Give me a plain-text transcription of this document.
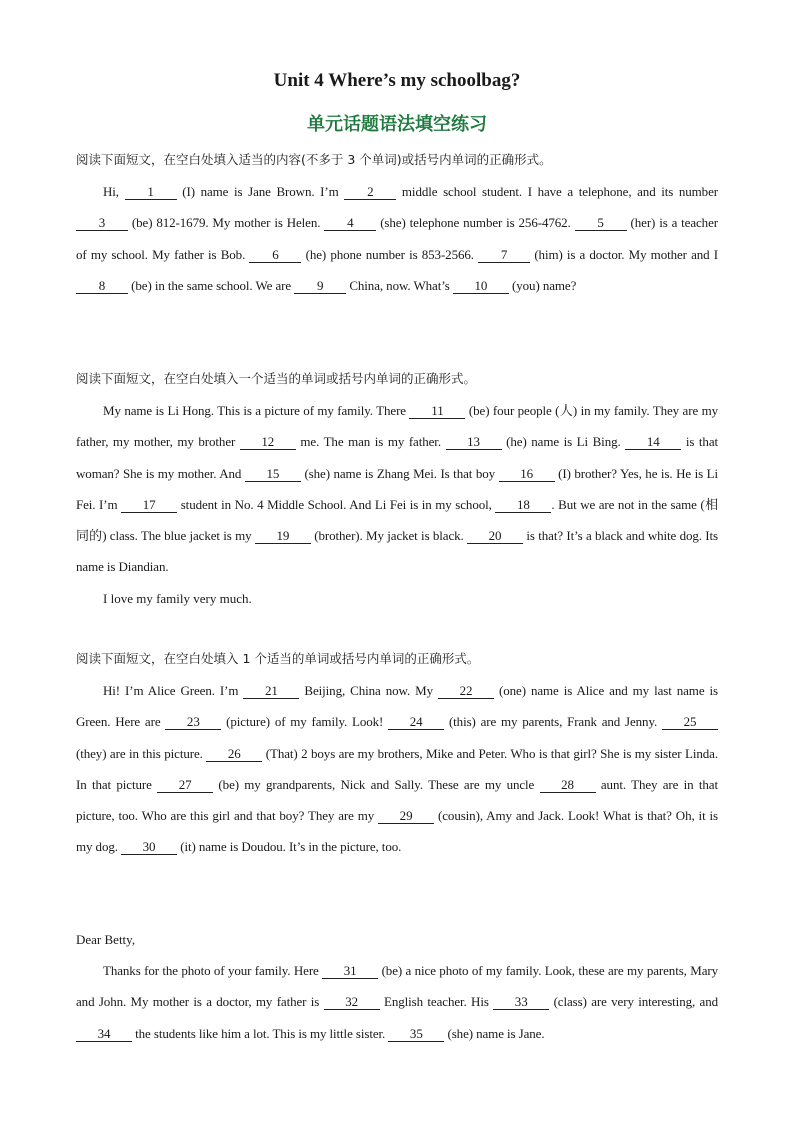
Unit 4 Where’s my schoolbag?
单元话题语法填空练习
阅读下面短文，在空白处填入适当的内容(不多于 3 个单词)或括号内单词的正确形式。
Hi, 1 (I) name is Jane Brown. I’m 2 middle school student. I have a telephone, and its number 3 (be) 812-1679. My mother is Helen. 4 (she) telephone number is 256-4762. 5 (her) is a teacher of my school. My father is Bob. 6 (he) phone number is 853-2566. 7 (him) is a doctor. My mother and I 8 (be) in the same school. We are 9 China, now. What’s 10 (you) name?
阅读下面短文，在空白处填入一个适当的单词或括号内单词的正确形式。
My name is Li Hong. This is a picture of my family. There 11 (be) four people (人) in my family. They are my father, my mother, my brother 12 me. The man is my father. 13 (he) name is Li Bing. 14 is that woman? She is my mother. And 15 (she) name is Zhang Mei. Is that boy 16 (I) brother? Yes, he is. He is Li Fei. I’m 17 student in No. 4 Middle School. And Li Fei is in my school, 18 . But we are not in the same (相同的) class. The blue jacket is my 19 (brother). My jacket is black. 20 is that? It’s a black and white dog. Its name is Diandian.
I love my family very much.
阅读下面短文，在空白处填入 1 个适当的单词或括号内单词的正确形式。
Hi! I’m Alice Green. I’m 21 Beijing, China now. My 22 (one) name is Alice and my last name is Green. Here are 23 (picture) of my family. Look! 24 (this) are my parents, Frank and Jenny. 25 (they) are in this picture. 26 (That) 2 boys are my brothers, Mike and Peter. Who is that girl? She is my sister Linda. In that picture 27 (be) my grandparents, Nick and Sally. These are my uncle 28 aunt. They are in that picture, too. Who are this girl and that boy? They are my 29 (cousin), Amy and Jack. Look! What is that? Oh, it is my dog. 30 (it) name is Doudou. It’s in the picture, too.
Dear Betty,
Thanks for the photo of your family. Here 31 (be) a nice photo of my family. Look, these are my parents, Mary and John. My mother is a doctor, my father is 32 English teacher. His 33 (class) are very interesting, and 34 the students like him a lot. This is my little sister. 35 (she) name is Jane.
